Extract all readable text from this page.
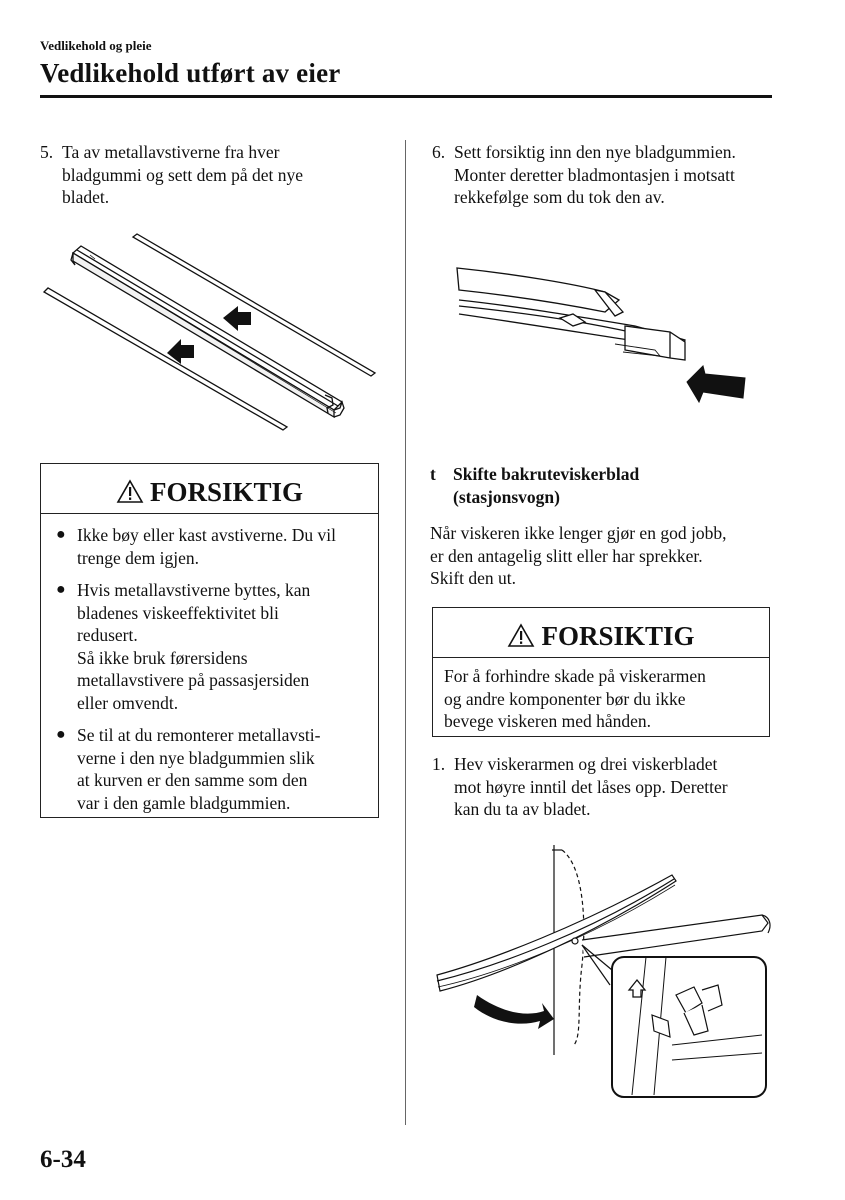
Vedlikehold og pleie
Vedlikehold utført av eier
5. Ta av metallavstiverne fra hver
bladgummi og sett dem på det nye
bladet.
FORSIKTIG
● Ikke bøy eller kast avstiverne. Du vil
trenge dem igjen.
● Hvis metallavstiverne byttes, kan
bladenes viskeeffektivitet bli
redusert.
Så ikke bruk førersidens
metallavstivere på passasjersiden
eller omvendt.
● Se til at du remonterer metallavsti-
verne i den nye bladgummien slik
at kurven er den samme som den
var i den gamle bladgummien.
6. Sett forsiktig inn den nye bladgummien.
Monter deretter bladmontasjen i motsatt
rekkefølge som du tok den av.
t Skifte bakruteviskerblad
(stasjonsvogn)
Når viskeren ikke lenger gjør en god jobb,
er den antagelig slitt eller har sprekker.
Skift den ut.
FORSIKTIG
For å forhindre skade på viskerarmen
og andre komponenter bør du ikke
bevege viskeren med hånden.
1. Hev viskerarmen og drei viskerbladet
mot høyre inntil det låses opp. Deretter
kan du ta av bladet.
6-34
